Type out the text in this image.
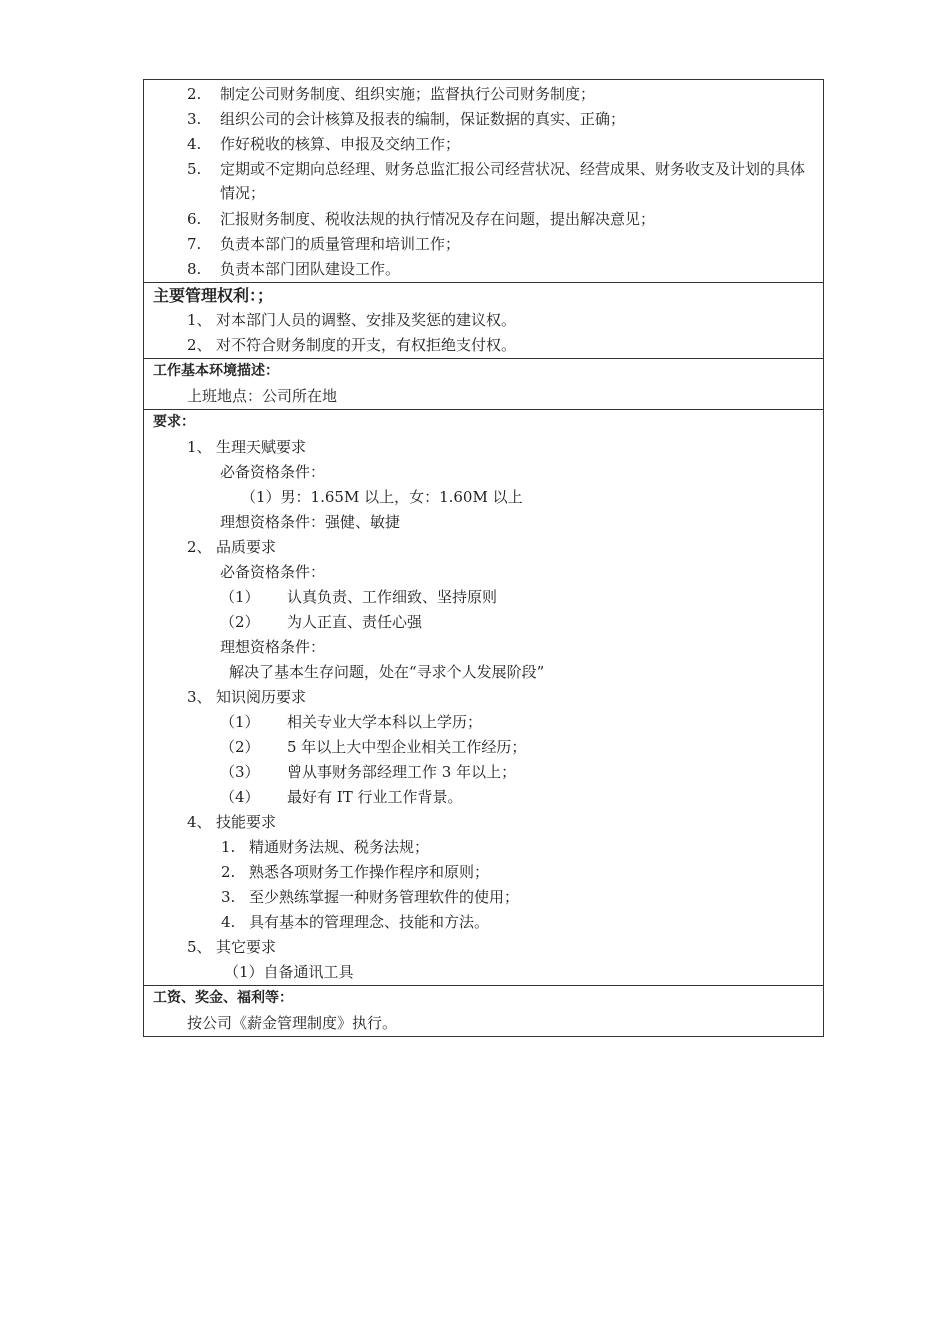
2. 制定公司财务制度、组织实施；监督执行公司财务制度；
3. 组织公司的会计核算及报表的编制，保证数据的真实、正确；
4. 作好税收的核算、申报及交纳工作；
5. 定期或不定期向总经理、财务总监汇报公司经营状况、经营成果、财务收支及计划的具体情况；
6. 汇报财务制度、税收法规的执行情况及存在问题，提出解决意见；
7. 负责本部门的质量管理和培训工作；
8. 负责本部门团队建设工作。
主要管理权利：；
1、 对本部门人员的调整、安排及奖惩的建议权。
2、 对不符合财务制度的开支，有权拒绝支付权。
工作基本环境描述：
上班地点：公司所在地
要求：
1、 生理天赋要求
必备资格条件：
（1）男：1.65M 以上，女：1.60M 以上
理想资格条件：强健、敏捷
2、 品质要求
必备资格条件：
（1） 认真负责、工作细致、坚持原则
（2） 为人正直、责任心强
理想资格条件：
解决了基本生存问题，处在“寻求个人发展阶段”
3、 知识阅历要求
（1） 相关专业大学本科以上学历；
（2） 5 年以上大中型企业相关工作经历；
（3） 曾从事财务部经理工作 3 年以上；
（4） 最好有 IT 行业工作背景。
4、 技能要求
1. 精通财务法规、税务法规；
2. 熟悉各项财务工作操作程序和原则；
3. 至少熟练掌握一种财务管理软件的使用；
4. 具有基本的管理理念、技能和方法。
5、 其它要求
（1）自备通讯工具
工资、奖金、福利等：
按公司《薪金管理制度》执行。
